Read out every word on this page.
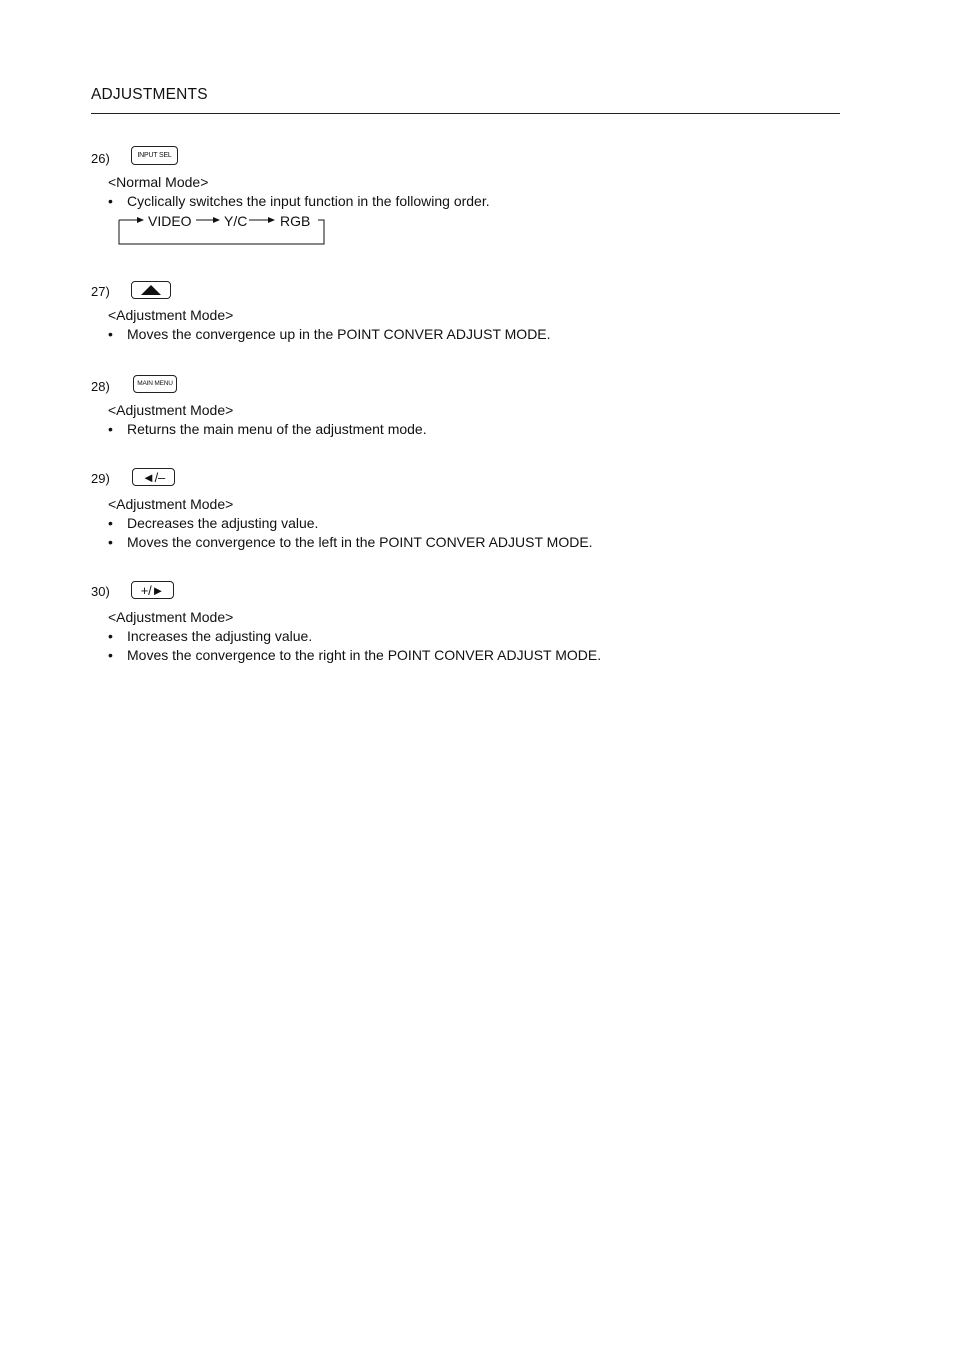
ADJUSTMENTS
26)	INPUT SEL
<Normal Mode>
• Cyclically switches the input function in the following order.
VIDEO Y/C RGB
27)
<Adjustment Mode>
• Moves the convergence up in the POINT CONVER ADJUST MODE.
28)	MAIN MENU
<Adjustment Mode>
• Returns the main menu of the adjustment mode.
29)	◄/–
<Adjustment Mode>
• Decreases the adjusting value.
• Moves the convergence to the left in the POINT CONVER ADJUST MODE.
30)	+/►
<Adjustment Mode>
• Increases the adjusting value.
• Moves the convergence to the right in the POINT CONVER ADJUST MODE.
